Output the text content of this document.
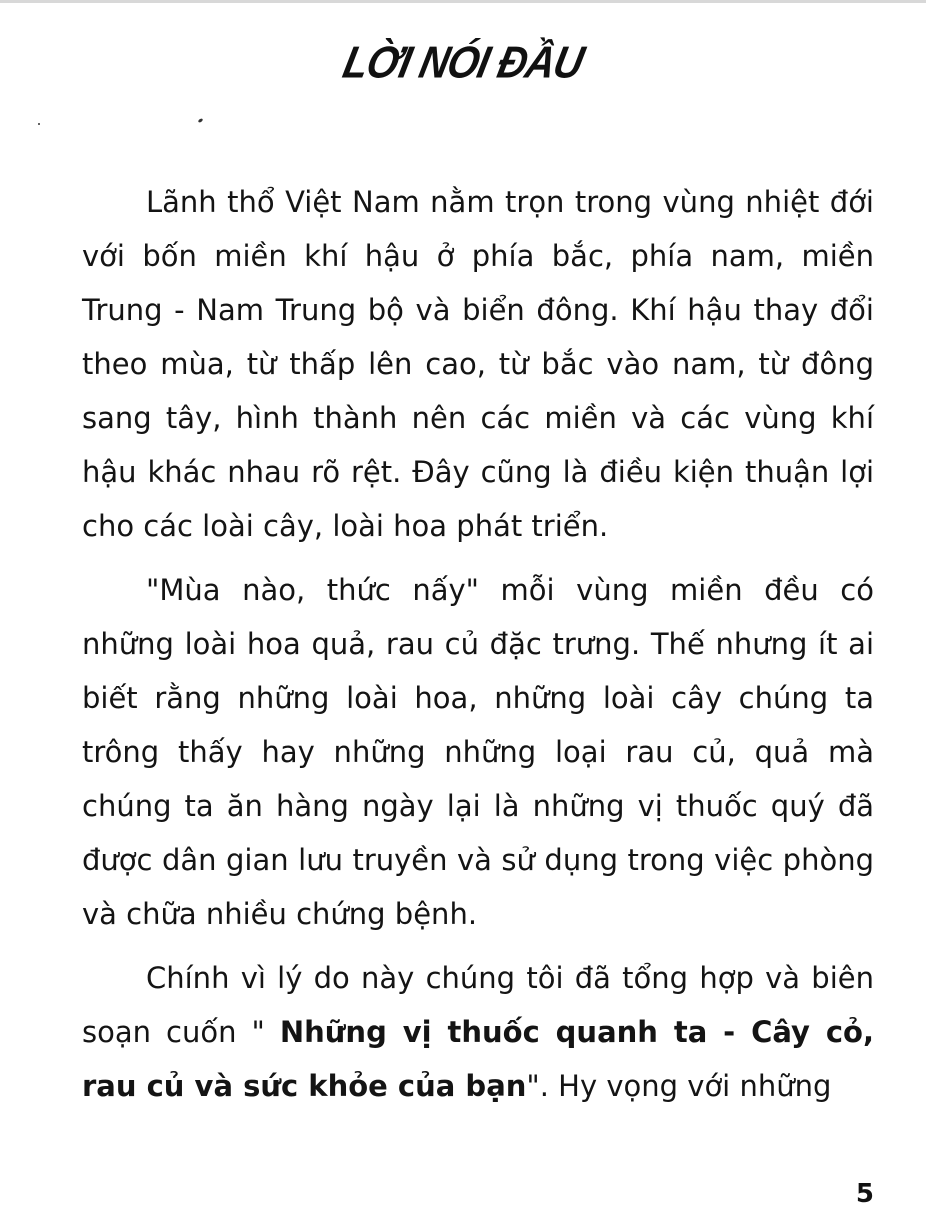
LỜI NÓI ĐẦU

Lãnh thổ Việt Nam nằm trọn trong vùng nhiệt đới với bốn miền khí hậu ở phía bắc, phía nam, miền Trung - Nam Trung bộ và biển đông. Khí hậu thay đổi theo mùa, từ thấp lên cao, từ bắc vào nam, từ đông sang tây, hình thành nên các miền và các vùng khí hậu khác nhau rõ rệt. Đây cũng là điều kiện thuận lợi cho các loài cây, loài hoa phát triển.

"Mùa nào, thức nấy" mỗi vùng miền đều có những loài hoa quả, rau củ đặc trưng. Thế nhưng ít ai biết rằng những loài hoa, những loài cây chúng ta trông thấy hay những những loại rau củ, quả mà chúng ta ăn hàng ngày lại là những vị thuốc quý đã được dân gian lưu truyền và sử dụng trong việc phòng và chữa nhiều chứng bệnh.

Chính vì lý do này chúng tôi đã tổng hợp và biên soạn cuốn " Những vị thuốc quanh ta - Cây cỏ, rau củ và sức khỏe của bạn". Hy vọng với những

5
